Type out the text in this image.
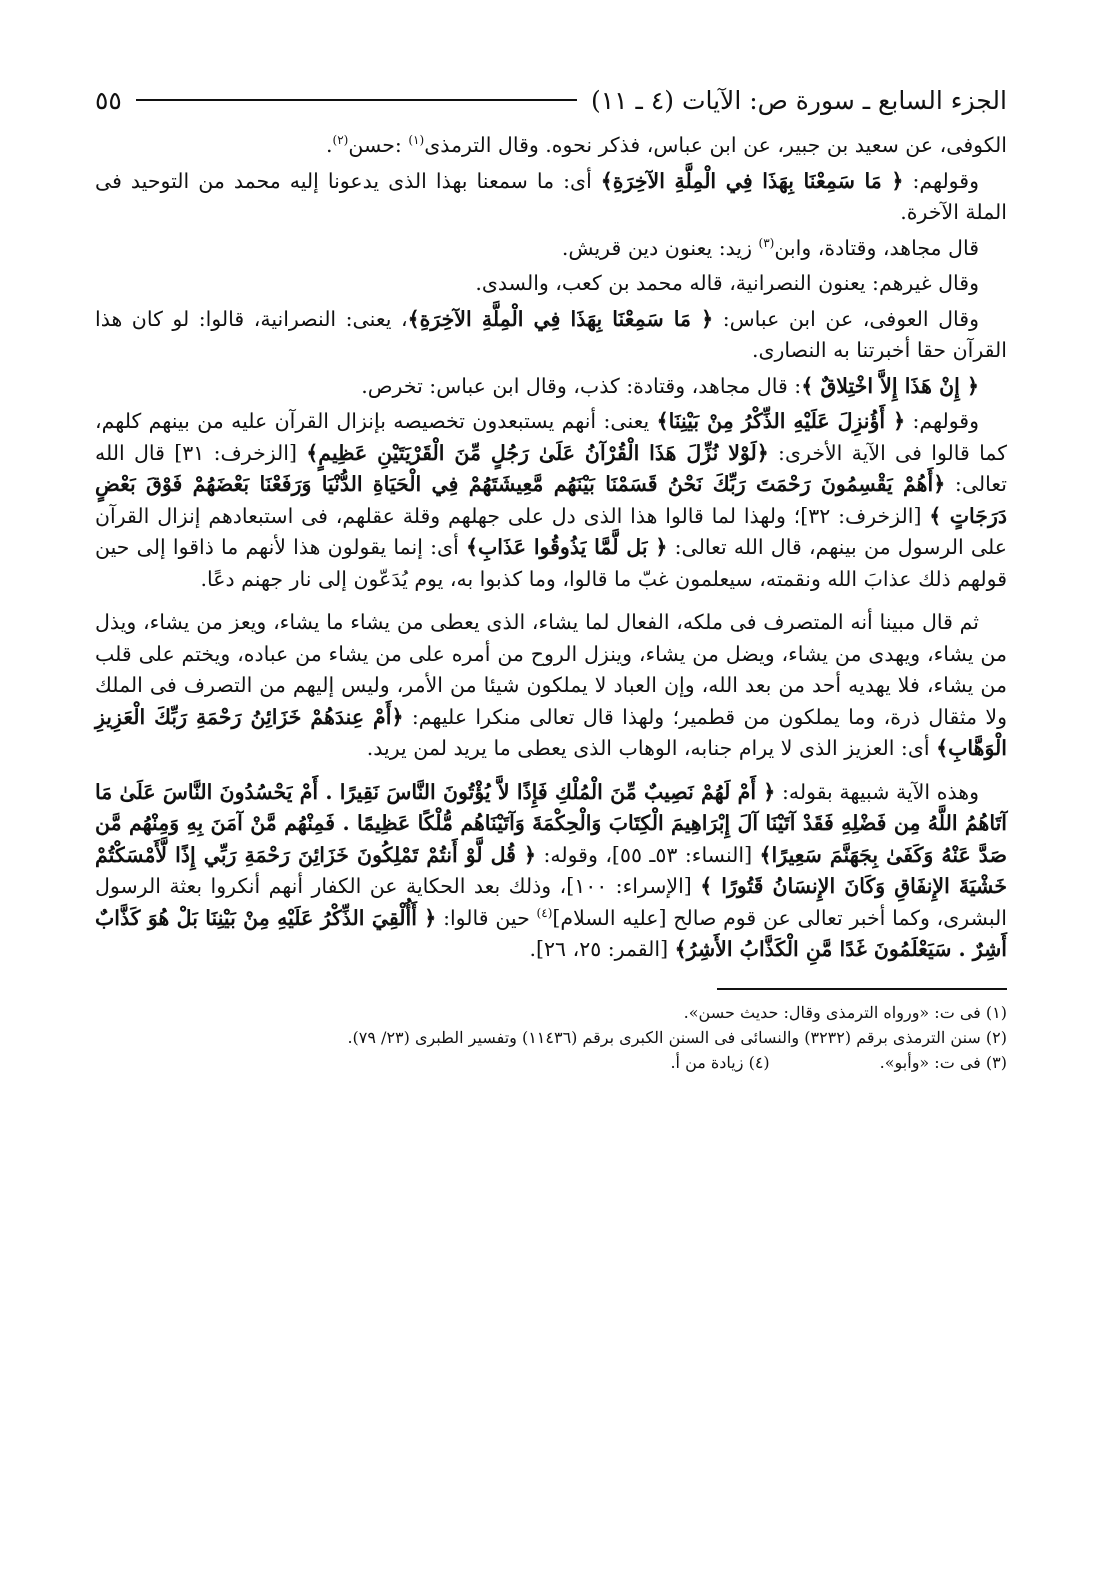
الجزء السابع ـ سورة ص: الآيات (٤ ـ ١١)
٥٥

الكوفى، عن سعيد بن جبير، عن ابن عباس، فذكر نحوه. وقال الترمذى$^{(١)}$ :حسن$^{(٢)}$.

وقولهم: ﴿ مَا سَمِعْنَا بِهَذَا فِي الْمِلَّةِ الآخِرَةِ﴾ أى: ما سمعنا بهذا الذى يدعونا إليه محمد من التوحيد فى الملة الآخرة.

قال مجاهد، وقتادة، وابن$^{(٣)}$ زيد: يعنون دين قريش.

وقال غيرهم: يعنون النصرانية، قاله محمد بن كعب، والسدى.

وقال العوفى، عن ابن عباس: ﴿ مَا سَمِعْنَا بِهَذَا فِي الْمِلَّةِ الآخِرَةِ﴾، يعنى: النصرانية، قالوا: لو كان هذا القرآن حقا أخبرتنا به النصارى.

﴿ إِنْ هَذَا إِلاَّ اخْتِلاقٌ ﴾: قال مجاهد، وقتادة: كذب، وقال ابن عباس: تخرص.

وقولهم: ﴿ أَؤُنزِلَ عَلَيْهِ الذِّكْرُ مِنْ بَيْنِنَا﴾ يعنى: أنهم يستبعدون تخصيصه بإنزال القرآن عليه من بينهم كلهم، كما قالوا فى الآية الأخرى: ﴿لَوْلا نُزِّلَ هَذَا الْقُرْآنُ عَلَىٰ رَجُلٍ مِّنَ الْقَرْيَتَيْنِ عَظِيمٍ﴾ [الزخرف: ٣١] قال الله تعالى: ﴿أَهُمْ يَقْسِمُونَ رَحْمَتَ رَبِّكَ نَحْنُ قَسَمْنَا بَيْنَهُم مَّعِيشَتَهُمْ فِي الْحَيَاةِ الدُّنْيَا وَرَفَعْنَا بَعْضَهُمْ فَوْقَ بَعْضٍ دَرَجَاتٍ ﴾ [الزخرف: ٣٢]؛ ولهذا لما قالوا هذا الذى دل على جهلهم وقلة عقلهم، فى استبعادهم إنزال القرآن على الرسول من بينهم، قال الله تعالى: ﴿ بَل لَّمَّا يَذُوقُوا عَذَابِ﴾ أى: إنما يقولون هذا لأنهم ما ذاقوا إلى حين قولهم ذلك عذابَ الله ونقمته، سيعلمون غبّ ما قالوا، وما كذبوا به، يوم يُدَعّون إلى نار جهنم دعًا.

ثم قال مبينا أنه المتصرف فى ملكه، الفعال لما يشاء، الذى يعطى من يشاء ما يشاء، ويعز من يشاء، ويذل من يشاء، ويهدى من يشاء، ويضل من يشاء، وينزل الروح من أمره على من يشاء من عباده، ويختم على قلب من يشاء، فلا يهديه أحد من بعد الله، وإن العباد لا يملكون شيئا من الأمر، وليس إليهم من التصرف فى الملك ولا مثقال ذرة، وما يملكون من قطمير؛ ولهذا قال تعالى منكرا عليهم: ﴿أَمْ عِندَهُمْ خَزَائِنُ رَحْمَةِ رَبِّكَ الْعَزِيزِ الْوَهَّابِ﴾ أى: العزيز الذى لا يرام جنابه، الوهاب الذى يعطى ما يريد لمن يريد.

وهذه الآية شبيهة بقوله: ﴿ أَمْ لَهُمْ نَصِيبٌ مِّنَ الْمُلْكِ فَإِذًا لاَّ يُؤْتُونَ النَّاسَ نَقِيرًا . أَمْ يَحْسُدُونَ النَّاسَ عَلَىٰ مَا آتَاهُمُ اللَّهُ مِن فَضْلِهِ فَقَدْ آتَيْنَا آلَ إِبْرَاهِيمَ الْكِتَابَ وَالْحِكْمَةَ وَآتَيْنَاهُم مُّلْكًا عَظِيمًا . فَمِنْهُم مَّنْ آمَنَ بِهِ وَمِنْهُم مَّن صَدَّ عَنْهُ وَكَفَىٰ بِجَهَنَّمَ سَعِيرًا﴾ [النساء: ٥٣ـ ٥٥]، وقوله: ﴿ قُل لَّوْ أَنتُمْ تَمْلِكُونَ خَزَائِنَ رَحْمَةِ رَبِّي إِذًا لَّأَمْسَكْتُمْ خَشْيَةَ الإِنفَاقِ وَكَانَ الإِنسَانُ قَتُورًا ﴾ [الإسراء: ١٠٠]، وذلك بعد الحكاية عن الكفار أنهم أنكروا بعثة الرسول البشرى، وكما أخبر تعالى عن قوم صالح [عليه السلام]$^{(٤)}$ حين قالوا: ﴿ أَأُلْقِيَ الذِّكْرُ عَلَيْهِ مِنْ بَيْنِنَا بَلْ هُوَ كَذَّابٌ أَشِرٌ . سَيَعْلَمُونَ غَدًا مَّنِ الْكَذَّابُ الأَشِرُ﴾ [القمر: ٢٥، ٢٦].

(١) فى ت: «ورواه الترمذى وقال: حديث حسن».

(٢) سنن الترمذى برقم (٣٢٣٢) والنسائى فى السنن الكبرى برقم (١١٤٣٦) وتفسير الطبرى (٢٣/ ٧٩).

(٣) فى ت: «وأبو».

(٤) زيادة من أ.
